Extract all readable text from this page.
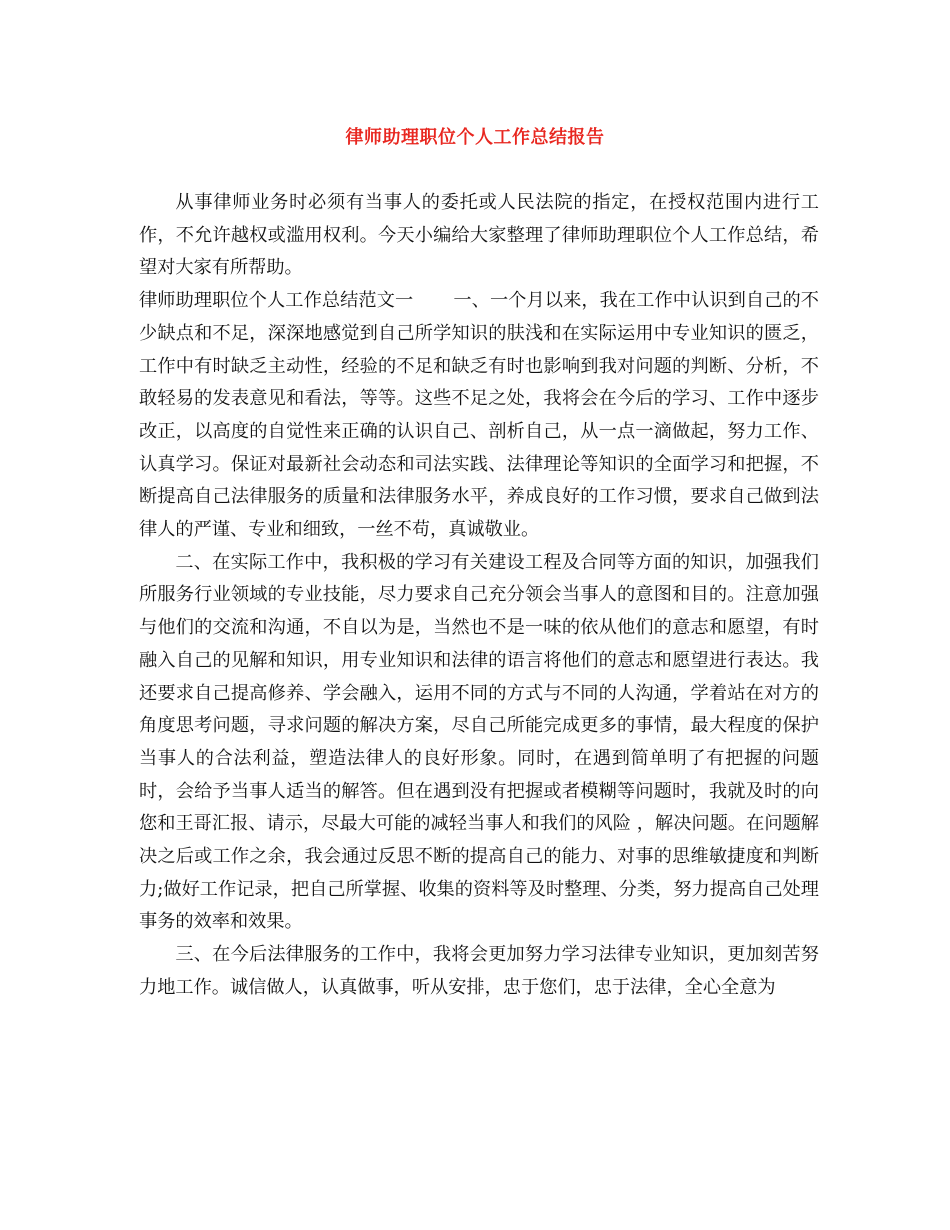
律师助理职位个人工作总结报告

从事律师业务时必须有当事人的委托或人民法院的指定，在授权范围内进行工作，不允许越权或滥用权利。今天小编给大家整理了律师助理职位个人工作总结，希望对大家有所帮助。

律师助理职位个人工作总结范文一 一、一个月以来，我在工作中认识到自己的不少缺点和不足，深深地感觉到自己所学知识的肤浅和在实际运用中专业知识的匮乏，工作中有时缺乏主动性，经验的不足和缺乏有时也影响到我对问题的判断、分析，不敢轻易的发表意见和看法，等等。这些不足之处，我将会在今后的学习、工作中逐步改正，以高度的自觉性来正确的认识自己、剖析自己，从一点一滴做起，努力工作、认真学习。保证对最新社会动态和司法实践、法律理论等知识的全面学习和把握，不断提高自己法律服务的质量和法律服务水平，养成良好的工作习惯，要求自己做到法律人的严谨、专业和细致，一丝不苟，真诚敬业。

二、在实际工作中，我积极的学习有关建设工程及合同等方面的知识，加强我们所服务行业领域的专业技能，尽力要求自己充分领会当事人的意图和目的。注意加强与他们的交流和沟通，不自以为是，当然也不是一味的依从他们的意志和愿望，有时融入自己的见解和知识，用专业知识和法律的语言将他们的意志和愿望进行表达。我还要求自己提高修养、学会融入，运用不同的方式与不同的人沟通，学着站在对方的角度思考问题，寻求问题的解决方案，尽自己所能完成更多的事情，最大程度的保护当事人的合法利益，塑造法律人的良好形象。同时，在遇到简单明了有把握的问题时，会给予当事人适当的解答。但在遇到没有把握或者模糊等问题时，我就及时的向您和王哥汇报、请示，尽最大可能的减轻当事人和我们的风险 ，解决问题。在问题解决之后或工作之余，我会通过反思不断的提高自己的能力、对事的思维敏捷度和判断力;做好工作记录，把自己所掌握、收集的资料等及时整理、分类，努力提高自己处理事务的效率和效果。

三、在今后法律服务的工作中，我将会更加努力学习法律专业知识，更加刻苦努力地工作。诚信做人，认真做事，听从安排，忠于您们，忠于法律，全心全意为
